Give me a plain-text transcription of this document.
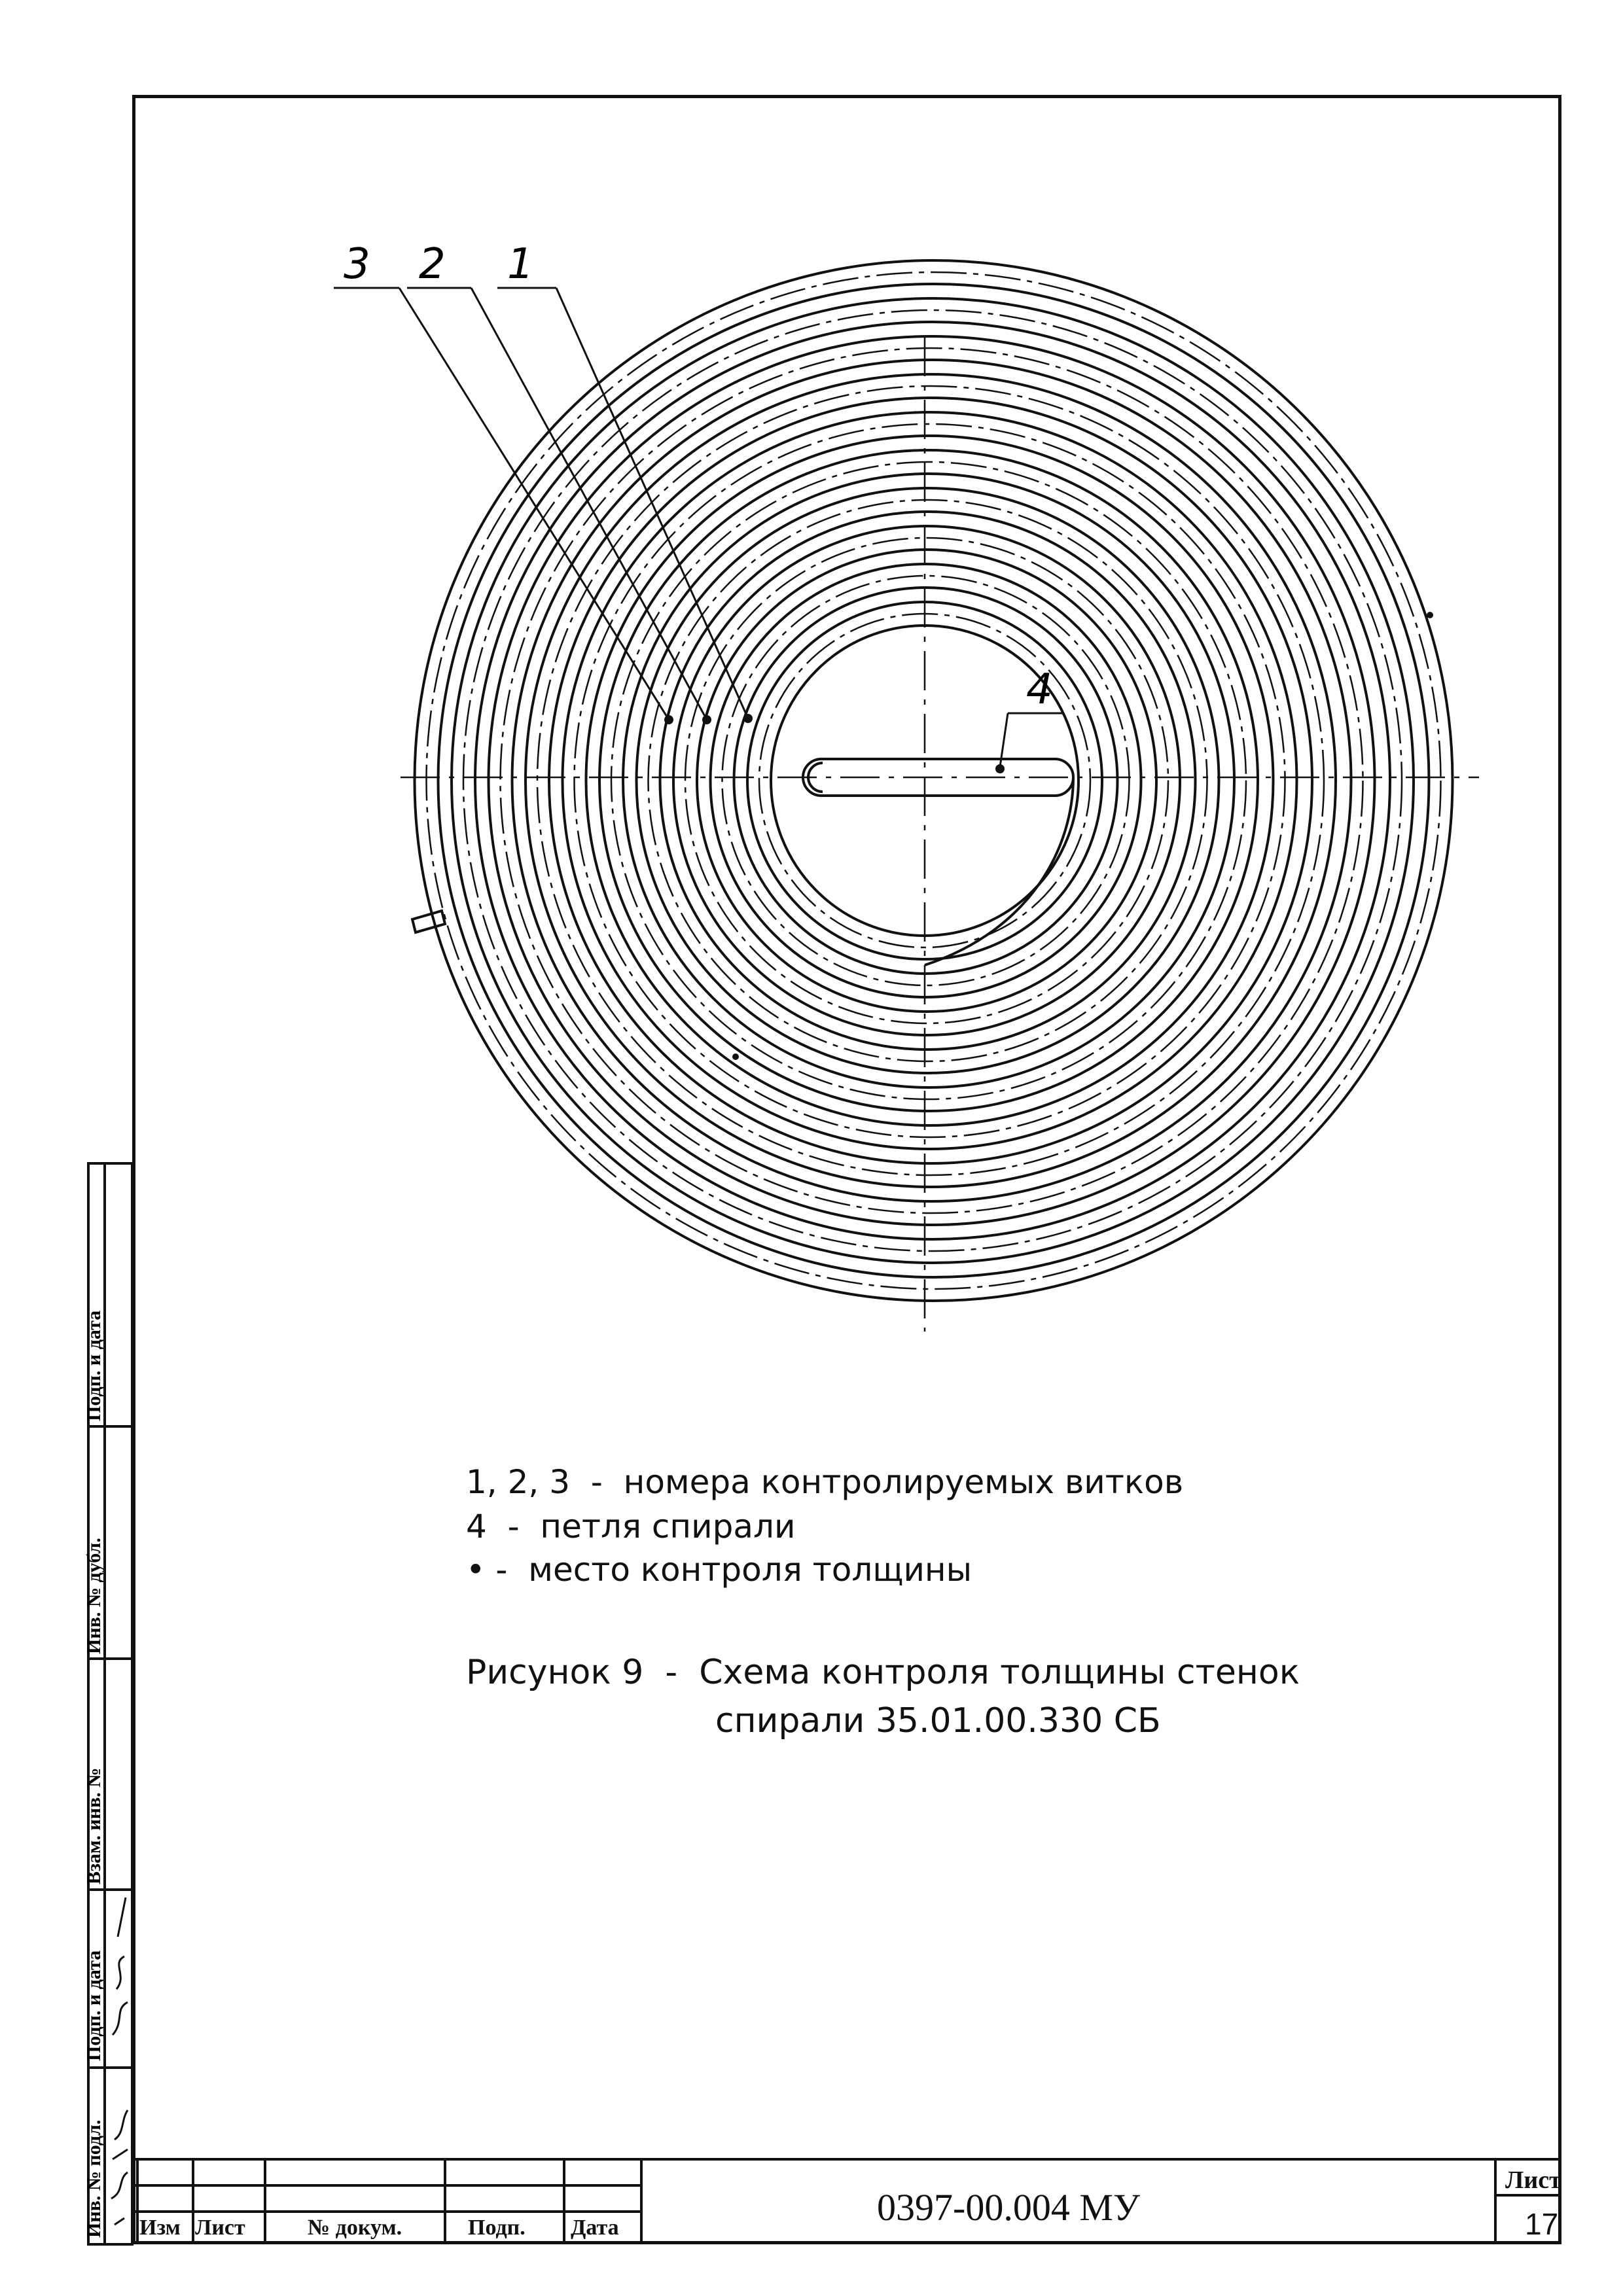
3 2 1
4
Инв. № подл.
Подп. и дата
Взам. инв. №
Инв. № дубл.
Подп. и дата
Изм Лист	№ докум.	Подп. Дата	0397-00.004 МУ
Лист
17
1, 2, 3  -  номера контролируемых витков
4  -  петля спирали
• -  место контроля толщины
Рисунок 9  -  Схема контроля толщины стенок
спирали 35.01.00.330 СБ
